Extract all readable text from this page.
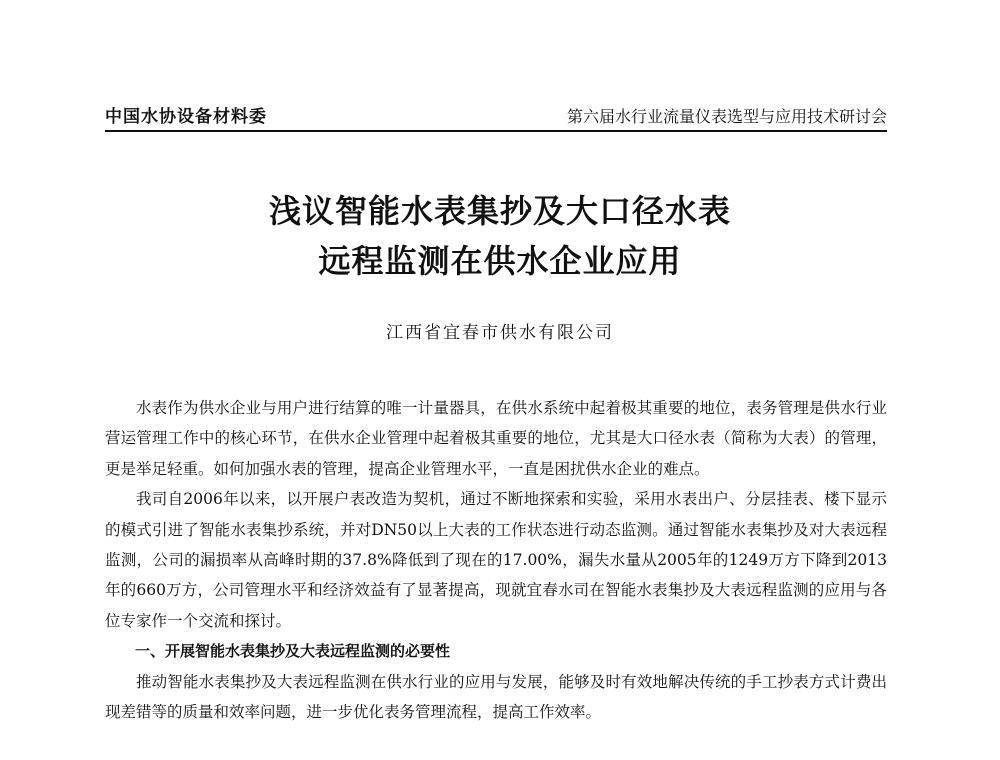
中国水协设备材料委	第六届水行业流量仪表选型与应用技术研讨会
浅议智能水表集抄及大口径水表
远程监测在供水企业应用
江西省宜春市供水有限公司

水表作为供水企业与用户进行结算的唯一计量器具，在供水系统中起着极其重要的地位，表务管理是供水行业营运管理工作中的核心环节，在供水企业管理中起着极其重要的地位，尤其是大口径水表（简称为大表）的管理，更是举足轻重。如何加强水表的管理，提高企业管理水平，一直是困扰供水企业的难点。

我司自2006年以来，以开展户表改造为契机，通过不断地探索和实验，采用水表出户、分层挂表、楼下显示的模式引进了智能水表集抄系统，并对DN50以上大表的工作状态进行动态监测。通过智能水表集抄及对大表远程监测，公司的漏损率从高峰时期的37.8%降低到了现在的17.00%，漏失水量从2005年的1249万方下降到2013年的660万方，公司管理水平和经济效益有了显著提高，现就宜春水司在智能水表集抄及大表远程监测的应用与各位专家作一个交流和探讨。

一、开展智能水表集抄及大表远程监测的必要性

推动智能水表集抄及大表远程监测在供水行业的应用与发展，能够及时有效地解决传统的手工抄表方式计费出现差错等的质量和效率问题，进一步优化表务管理流程，提高工作效率。
